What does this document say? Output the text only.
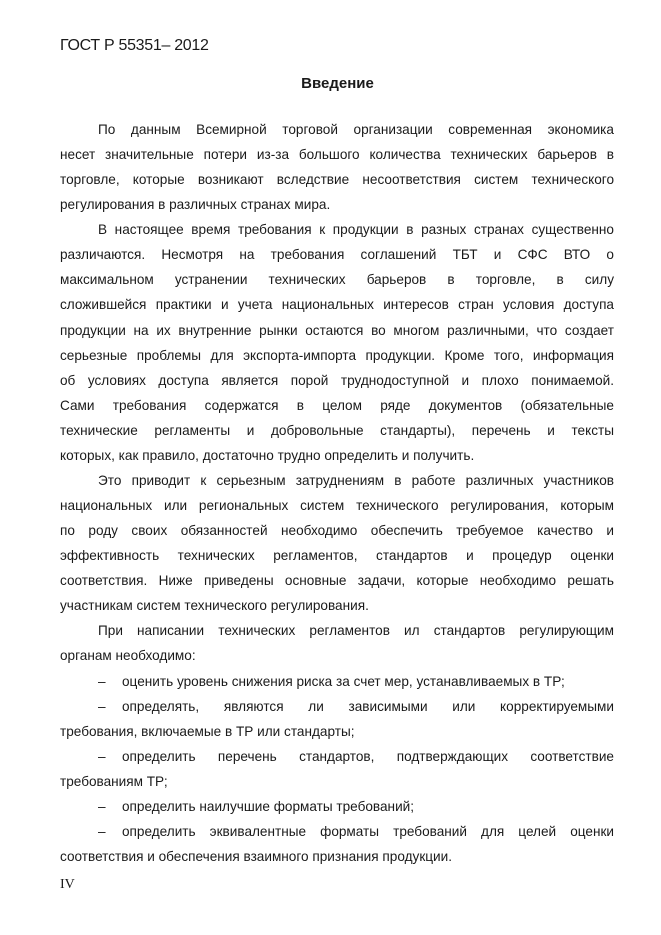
ГОСТ Р 55351– 2012
Введение
По данным Всемирной торговой организации современная экономика
несет значительные потери из-за большого количества технических барьеров в
торговле, которые возникают вследствие несоответствия систем технического
регулирования в различных странах мира.
В настоящее время требования к продукции в разных странах существенно
различаются. Несмотря на требования соглашений ТБТ и СФС ВТО о
максимальном устранении технических барьеров в торговле, в силу
сложившейся практики и учета национальных интересов стран условия доступа
продукции на их внутренние рынки остаются во многом различными, что создает
серьезные проблемы для экспорта-импорта продукции. Кроме того, информация
об условиях доступа является порой труднодоступной и плохо понимаемой.
Сами требования содержатся в целом ряде документов (обязательные
технические регламенты и добровольные стандарты), перечень и тексты
которых, как правило, достаточно трудно определить и получить.
Это приводит к серьезным затруднениям в работе различных участников
национальных или региональных систем технического регулирования, которым
по роду своих обязанностей необходимо обеспечить требуемое качество и
эффективность технических регламентов, стандартов и процедур оценки
соответствия. Ниже приведены основные задачи, которые необходимо решать
участникам систем технического регулирования.
При написании технических регламентов ил стандартов регулирующим
органам необходимо:
– оценить уровень снижения риска за счет мер, устанавливаемых в ТР;
– определять, являются ли зависимыми или корректируемыми
требования, включаемые в ТР или стандарты;
– определить перечень стандартов, подтверждающих соответствие
требованиям ТР;
– определить наилучшие форматы требований;
– определить эквивалентные форматы требований для целей оценки
соответствия и обеспечения взаимного признания продукции.
IV
